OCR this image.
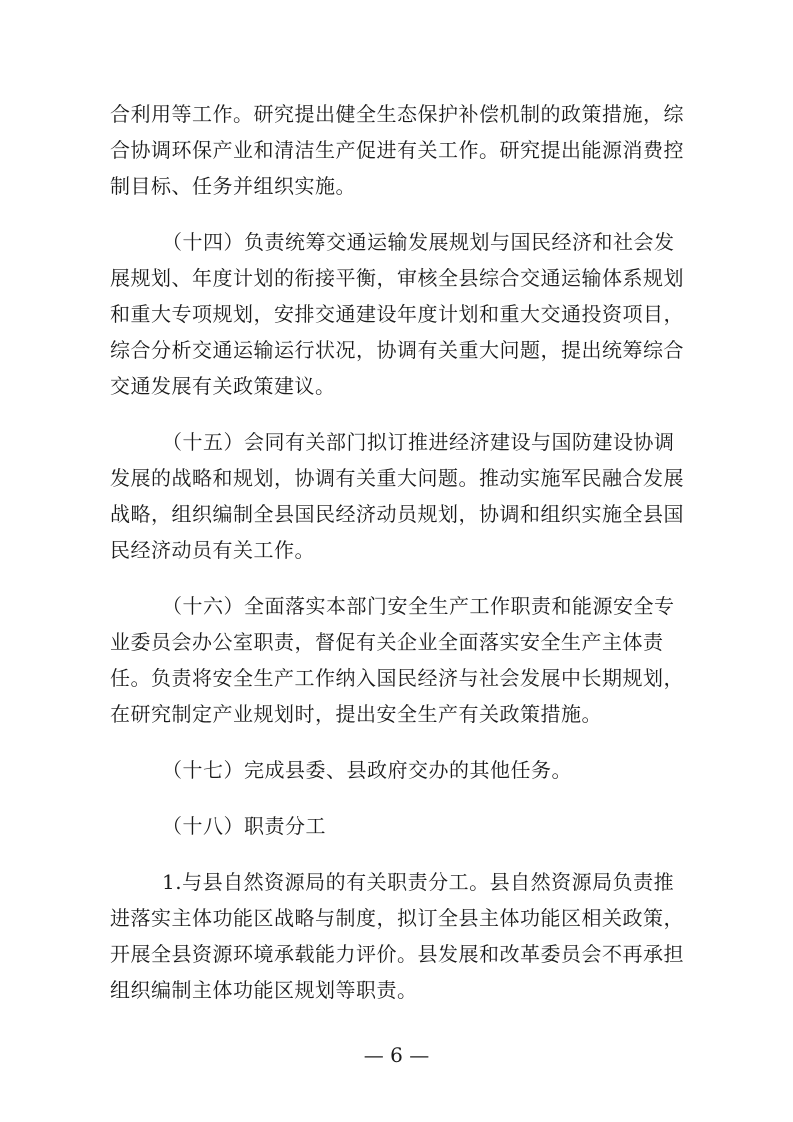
合利用等工作。研究提出健全生态保护补偿机制的政策措施，综合协调环保产业和清洁生产促进有关工作。研究提出能源消费控制目标、任务并组织实施。

（十四）负责统筹交通运输发展规划与国民经济和社会发展规划、年度计划的衔接平衡，审核全县综合交通运输体系规划和重大专项规划，安排交通建设年度计划和重大交通投资项目，综合分析交通运输运行状况，协调有关重大问题，提出统筹综合交通发展有关政策建议。

（十五）会同有关部门拟订推进经济建设与国防建设协调发展的战略和规划，协调有关重大问题。推动实施军民融合发展战略，组织编制全县国民经济动员规划，协调和组织实施全县国民经济动员有关工作。

（十六）全面落实本部门安全生产工作职责和能源安全专业委员会办公室职责，督促有关企业全面落实安全生产主体责任。负责将安全生产工作纳入国民经济与社会发展中长期规划，在研究制定产业规划时，提出安全生产有关政策措施。

（十七）完成县委、县政府交办的其他任务。

（十八）职责分工

1.与县自然资源局的有关职责分工。县自然资源局负责推进落实主体功能区战略与制度，拟订全县主体功能区相关政策，开展全县资源环境承载能力评价。县发展和改革委员会不再承担组织编制主体功能区规划等职责。

— 6 —
